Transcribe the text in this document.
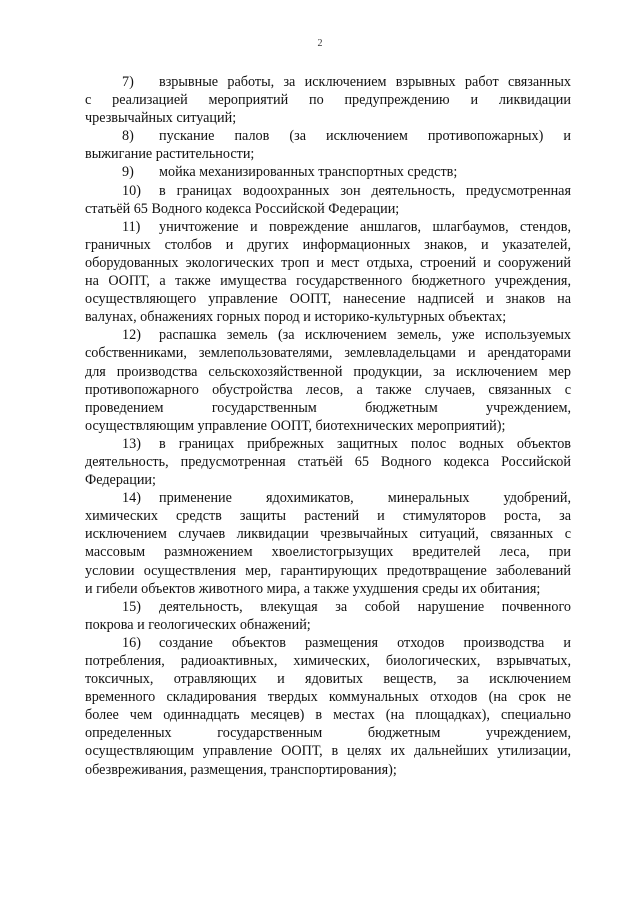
2
7) взрывные работы, за исключением взрывных работ связанных
с реализацией мероприятий по предупреждению и ликвидации
чрезвычайных ситуаций;
8) пускание палов (за исключением противопожарных) и
выжигание растительности;
9) мойка механизированных транспортных средств;
10) в границах водоохранных зон деятельность, предусмотренная
статьёй 65 Водного кодекса Российской Федерации;
11) уничтожение и повреждение аншлагов, шлагбаумов, стендов,
граничных столбов и других информационных знаков, и указателей,
оборудованных экологических троп и мест отдыха, строений и сооружений
на ООПТ, а также имущества государственного бюджетного учреждения,
осуществляющего управление ООПТ, нанесение надписей и знаков на
валунах, обнажениях горных пород и историко-культурных объектах;
12) распашка земель (за исключением земель, уже используемых
собственниками, землепользователями, землевладельцами и арендаторами
для производства сельскохозяйственной продукции, за исключением мер
противопожарного обустройства лесов, а также случаев, связанных с
проведением государственным бюджетным учреждением,
осуществляющим управление ООПТ, биотехнических мероприятий);
13) в границах прибрежных защитных полос водных объектов
деятельность, предусмотренная статьёй 65 Водного кодекса Российской
Федерации;
14) применение ядохимикатов, минеральных удобрений,
химических средств защиты растений и стимуляторов роста, за
исключением случаев ликвидации чрезвычайных ситуаций, связанных с
массовым размножением хвоелистогрызущих вредителей леса, при
условии осуществления мер, гарантирующих предотвращение заболеваний
и гибели объектов животного мира, а также ухудшения среды их обитания;
15) деятельность, влекущая за собой нарушение почвенного
покрова и геологических обнажений;
16) создание объектов размещения отходов производства и
потребления, радиоактивных, химических, биологических, взрывчатых,
токсичных, отравляющих и ядовитых веществ, за исключением
временного складирования твердых коммунальных отходов (на срок не
более чем одиннадцать месяцев) в местах (на площадках), специально
определенных государственным бюджетным учреждением,
осуществляющим управление ООПТ, в целях их дальнейших утилизации,
обезвреживания, размещения, транспортирования);
